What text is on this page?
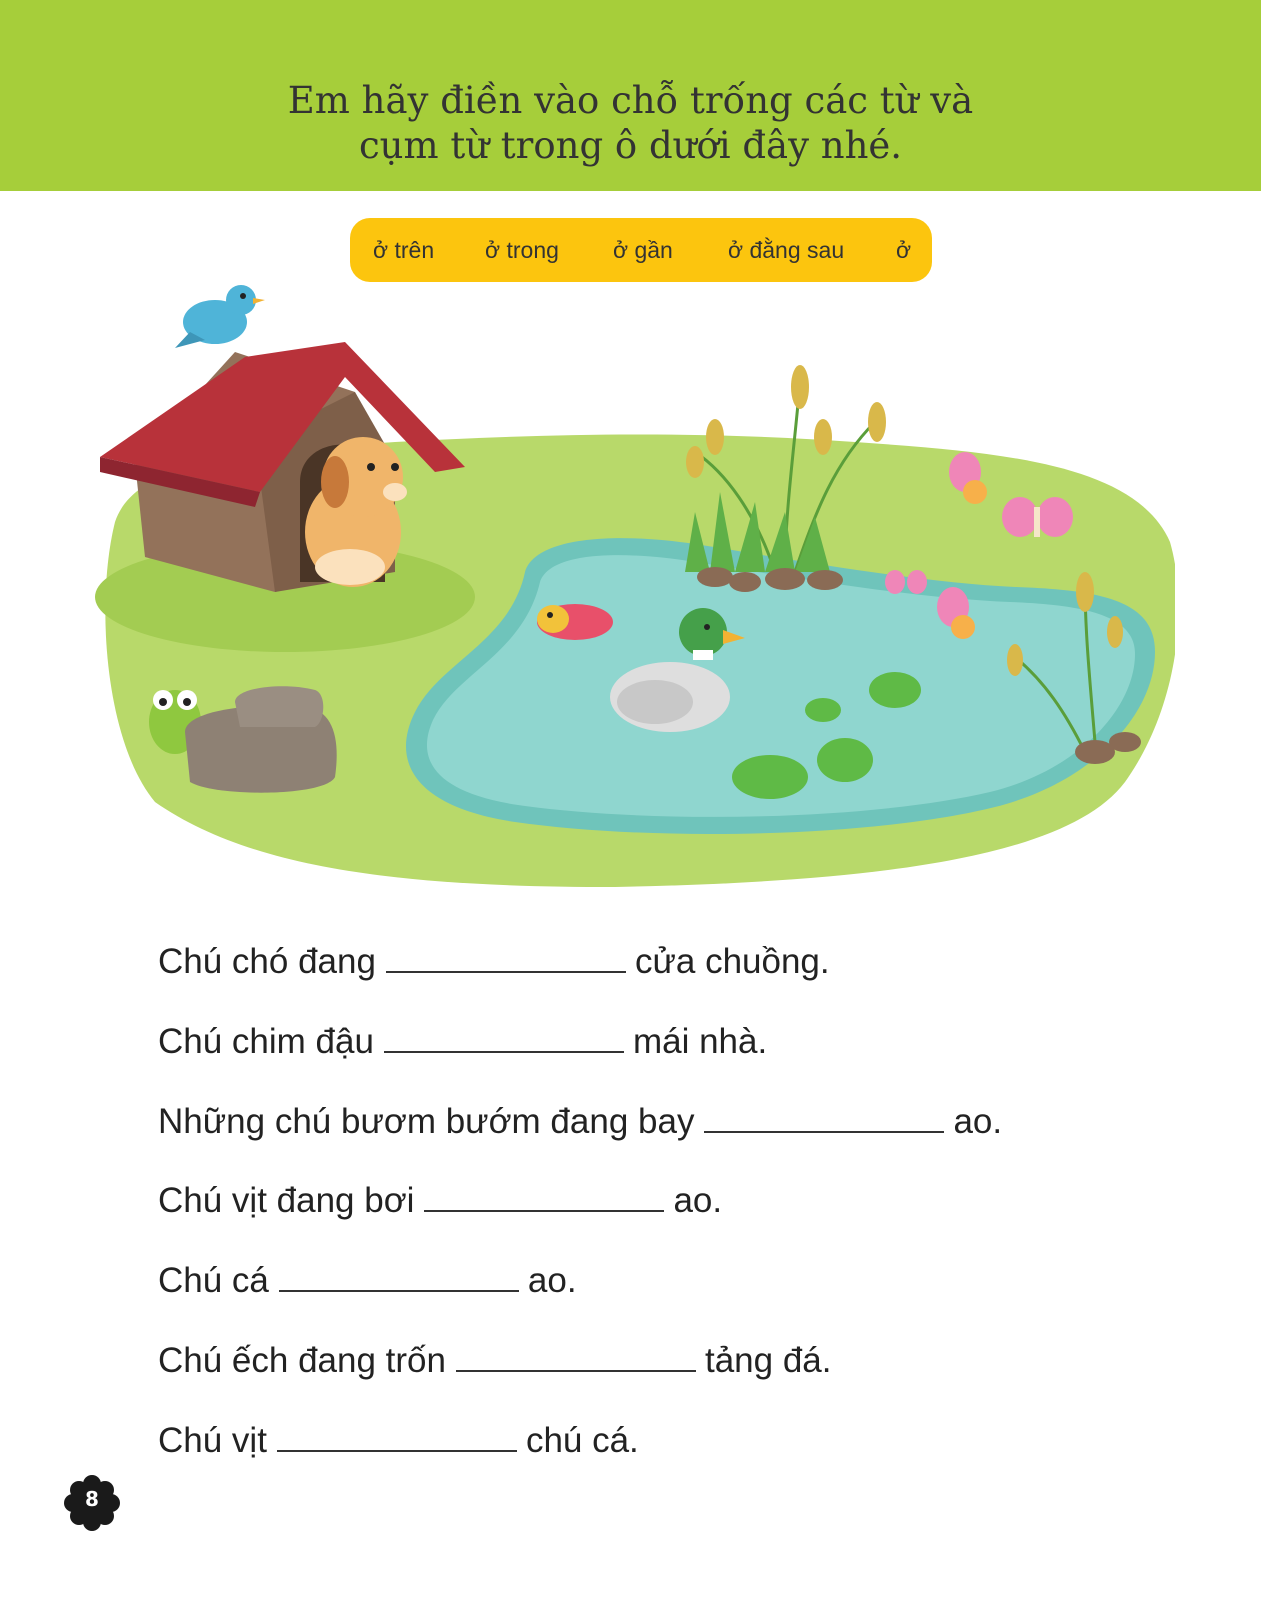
Em hãy điền vào chỗ trống các từ và
cụm từ trong ô dưới đây nhé.
ở trên ở trong ở gần ở đằng sau ở
Chú chó đang	cửa chuồng.
Chú chim đậu	mái nhà.
Những chú bươm bướm đang bay	ao.
Chú vịt đang bơi	ao.
Chú cá	ao.
Chú ếch đang trốn	tảng đá.
Chú vịt	chú cá.
8
